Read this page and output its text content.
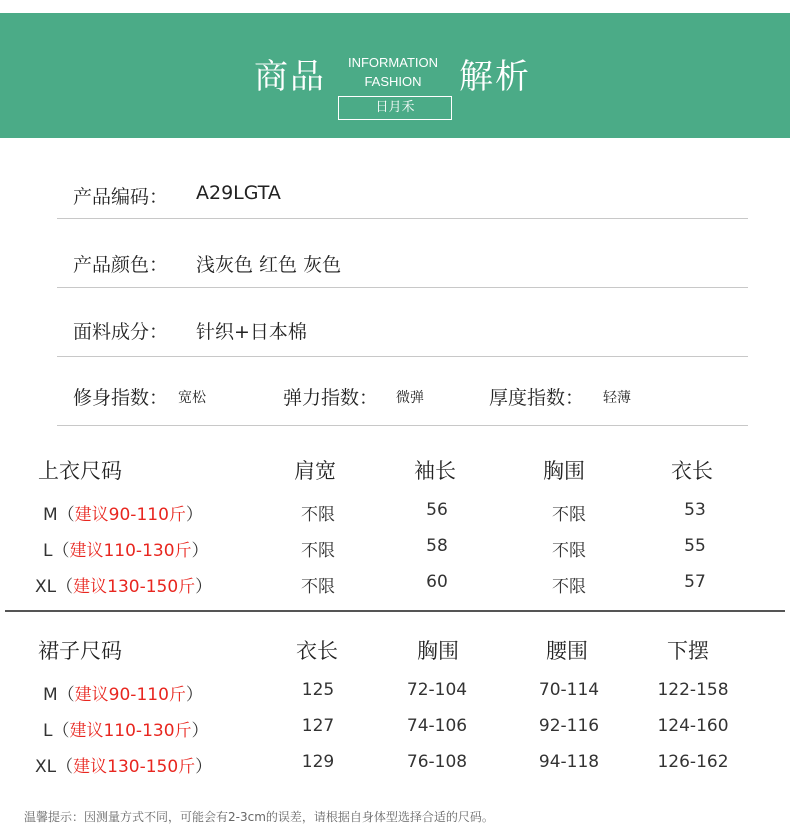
商品	INFORMATION
FASHION	解析
日月禾
产品编码： A29LGTA
产品颜色： 浅灰色 红色 灰色
面料成分： 针织+日本棉
修身指数： 宽松	弹力指数： 微弹	厚度指数： 轻薄
上衣尺码	肩宽	袖长	胸围	衣长
M（建议90-110斤）	不限	56	不限	53
L（建议110-130斤）	不限	58	不限	55
XL（建议130-150斤）	不限	60	不限	57
裙子尺码	衣长	胸围	腰围	下摆
M（建议90-110斤）	125	72-104	70-114	122-158
L（建议110-130斤）	127	74-106	92-116	124-160
XL（建议130-150斤）	129	76-108	94-118	126-162
温馨提示：因测量方式不同，可能会有2-3cm的误差，请根据自身体型选择合适的尺码。
